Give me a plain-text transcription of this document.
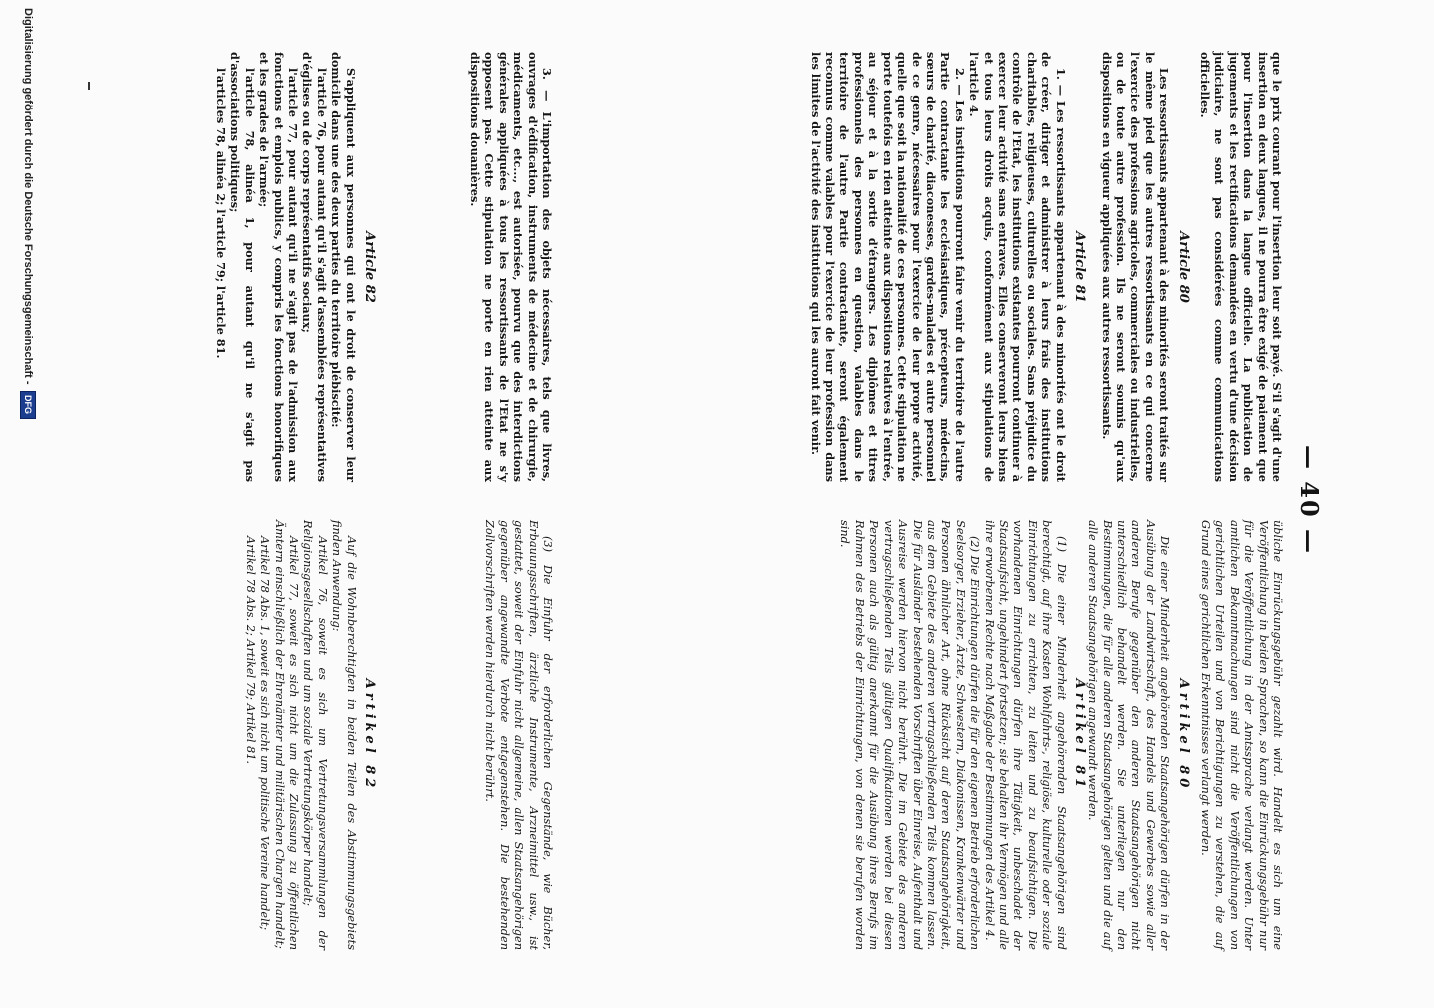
— 40 —

que le prix courant pour l'insertion leur soit payé. S'il s'agit d'une insertion en deux langues, il ne pourra être exigé de paiement que pour l'insertion dans la langue officielle. La publication de jugements et les rectifications demandées en vertu d'une décision judiciaire, ne sont pas considérées comme communications officielles.

Article 80

Les ressortissants appartenant à des minorités seront traités sur le même pied que les autres ressortissants en ce qui concerne l'exercice des professions agricoles, commerciales ou industrielles, ou de toute autre profession. Ils ne seront soumis qu'aux dispositions en vigueur appliquées aux autres ressortissants.

übliche Einrückungsgebühr gezahlt wird. Handelt es sich um eine Veröffentlichung in beiden Sprachen, so kann die Einrückungsgebühr nur für die Veröffentlichung in der Amtssprache verlangt werden. Unter amtlichen Bekanntmachungen sind nicht die Veröffentlichungen von gerichtlichen Urteilen und von Berichtigungen zu verstehen, die auf Grund eines gerichtlichen Erkenntnisses verlangt werden.

Artikel 80

Die einer Minderheit angehörenden Staatsangehörigen dürfen in der Ausübung der Landwirtschaft, des Handels und Gewerbes sowie aller anderen Berufe gegenüber den anderen Staatsangehörigen nicht unterschiedlich behandelt werden. Sie unterliegen nur den Bestimmungen, die für alle anderen Staatsangehörigen gelten und die auf alle anderen Staatsangehörigen angewandt werden.

Article 81

1. — Les ressortissants appartenant à des minorités ont le droit de créer, diriger et administrer à leurs frais des institutions charitables, religieuses, culturelles ou sociales. Sans préjudice du contrôle de l'Etat, les institutions existantes pourront continuer à exercer leur activité sans entraves. Elles conserveront leurs biens et tous leurs droits acquis, conformément aux stipulations de l'article 4.

2. — Les institutions pourront faire venir du territoire de l'autre Partie contractante les ecclésiastiques, précepteurs, médecins, sœurs de charité, diaconesses, gardes-malades et autre personnel de ce genre, nécessaires pour l'exercice de leur propre activité, quelle que soit la nationalité de ces personnes. Cette stipulation ne porte toutefois en rien atteinte aux dispositions relatives à l'entrée, au séjour et à la sortie d'étrangers. Les diplômes et titres professionnels des personnes en question, valables dans le territoire de l'autre Partie contractante, seront également reconnus comme valables pour l'exercice de leur profession dans les limites de l'activité des institutions qui les auront fait venir.

Artikel 81

(1) Die einer Minderheit angehörenden Staatsangehörigen sind berechtigt, auf ihre Kosten Wohlfahrts-, religiöse, kulturelle oder soziale Einrichtungen zu errichten, zu leiten und zu beaufsichtigen. Die vorhandenen Einrichtungen dürfen ihre Tätigkeit, unbeschadet der Staatsaufsicht, ungehindert fortsetzen; sie behalten ihr Vermögen und alle ihre erworbenen Rechte nach Maßgabe der Bestimmungen des Artikel 4.

(2) Die Einrichtungen dürfen die für den eigenen Betrieb erforderlichen Seelsorger, Erzieher, Ärzte, Schwestern, Diakonissen, Krankenwärter und Personen ähnlicher Art, ohne Rücksicht auf deren Staatsangehörigkeit, aus dem Gebiete des anderen vertragschließenden Teils kommen lassen. Die für Ausländer bestehenden Vorschriften über Einreise, Aufenthalt und Ausreise werden hiervon nicht berührt. Die im Gebiete des anderen vertragschließenden Teils gültigen Qualifikationen werden bei diesen Personen auch als gültig anerkannt für die Ausübung ihres Berufs im Rahmen des Betriebs der Einrichtungen, von denen sie berufen worden sind.

3. — L'importation des objets nécessaires, tels que livres, ouvrages d'édification, instruments de médecine et de chirurgie, médicaments, etc..., est autorisée, pourvu que des interdictions générales appliquées à tous les ressortissants de l'Etat ne s'y opposent pas. Cette stipulation ne porte en rien atteinte aux dispositions douanières.

(3) Die Einfuhr der erforderlichen Gegenstände, wie Bücher, Erbauungsschriften, ärztliche Instrumente, Arzneimittel usw., ist gestattet, soweit der Einfuhr nicht allgemeine, allen Staatsangehörigen gegenüber angewandte Verbote entgegenstehen. Die bestehenden Zollvorschriften werden hierdurch nicht berührt.

Article 82

S'appliquent aux personnes qui ont le droit de conserver leur domicile dans une des deux parties du territoire plébiscité:

l'article 76, pour autant qu'il s'agit d'assemblées représentatives d'églises ou de corps représentatifs sociaux;

l'article 77, pour autant qu'il ne s'agit pas de l'admission aux fonctions et emplois publics, y compris les fonctions honorifiques et les grades de l'armée;

l'article 78, alinéa 1, pour autant qu'il ne s'agit pas d'associations politiques;

l'articles 78, alinéa 2; l'article 79; l'article 81.

Artikel 82

Auf die Wohnberechtigten in beiden Teilen des Abstimmungsgebiets finden Anwendung:

Artikel 76, soweit es sich um Vertretungsversammlungen der Religionsgesellschaften und um soziale Vertretungskörper handelt;

Artikel 77, soweit es sich nicht um die Zulassung zu öffentlichen Ämtern einschließlich der Ehrenämter und militärischen Chargen handelt;

Artikel 78 Abs. 1, soweit es sich nicht um politische Vereine handelt;

Artikel 78 Abs. 2; Artikel 79; Artikel 81.

Digitalisierung gefördert durch die Deutsche Forschungsgemeinschaft -
DFG
